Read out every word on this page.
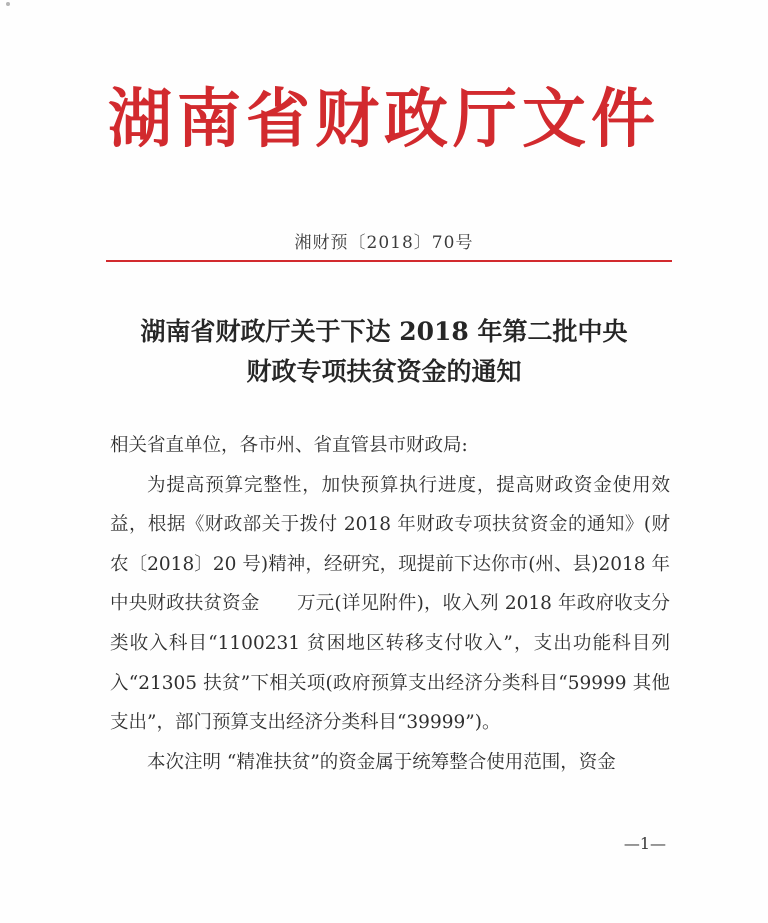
湖南省财政厅文件
湘财预〔2018〕70号
湖南省财政厅关于下达 2018 年第二批中央
财政专项扶贫资金的通知

相关省直单位，各市州、省直管县市财政局:

为提高预算完整性，加快预算执行进度，提高财政资金使用效益，根据《财政部关于拨付 2018 年财政专项扶贫资金的通知》(财农〔2018〕20 号)精神，经研究，现提前下达你市(州、县)2018 年中央财政扶贫资金　　万元(详见附件)，收入列 2018 年政府收支分类收入科目“1100231 贫困地区转移支付收入”，支出功能科目列入“21305 扶贫”下相关项(政府预算支出经济分类科目“59999 其他支出”，部门预算支出经济分类科目“39999”)。

本次注明 “精准扶贫”的资金属于统筹整合使用范围，资金

—1—
